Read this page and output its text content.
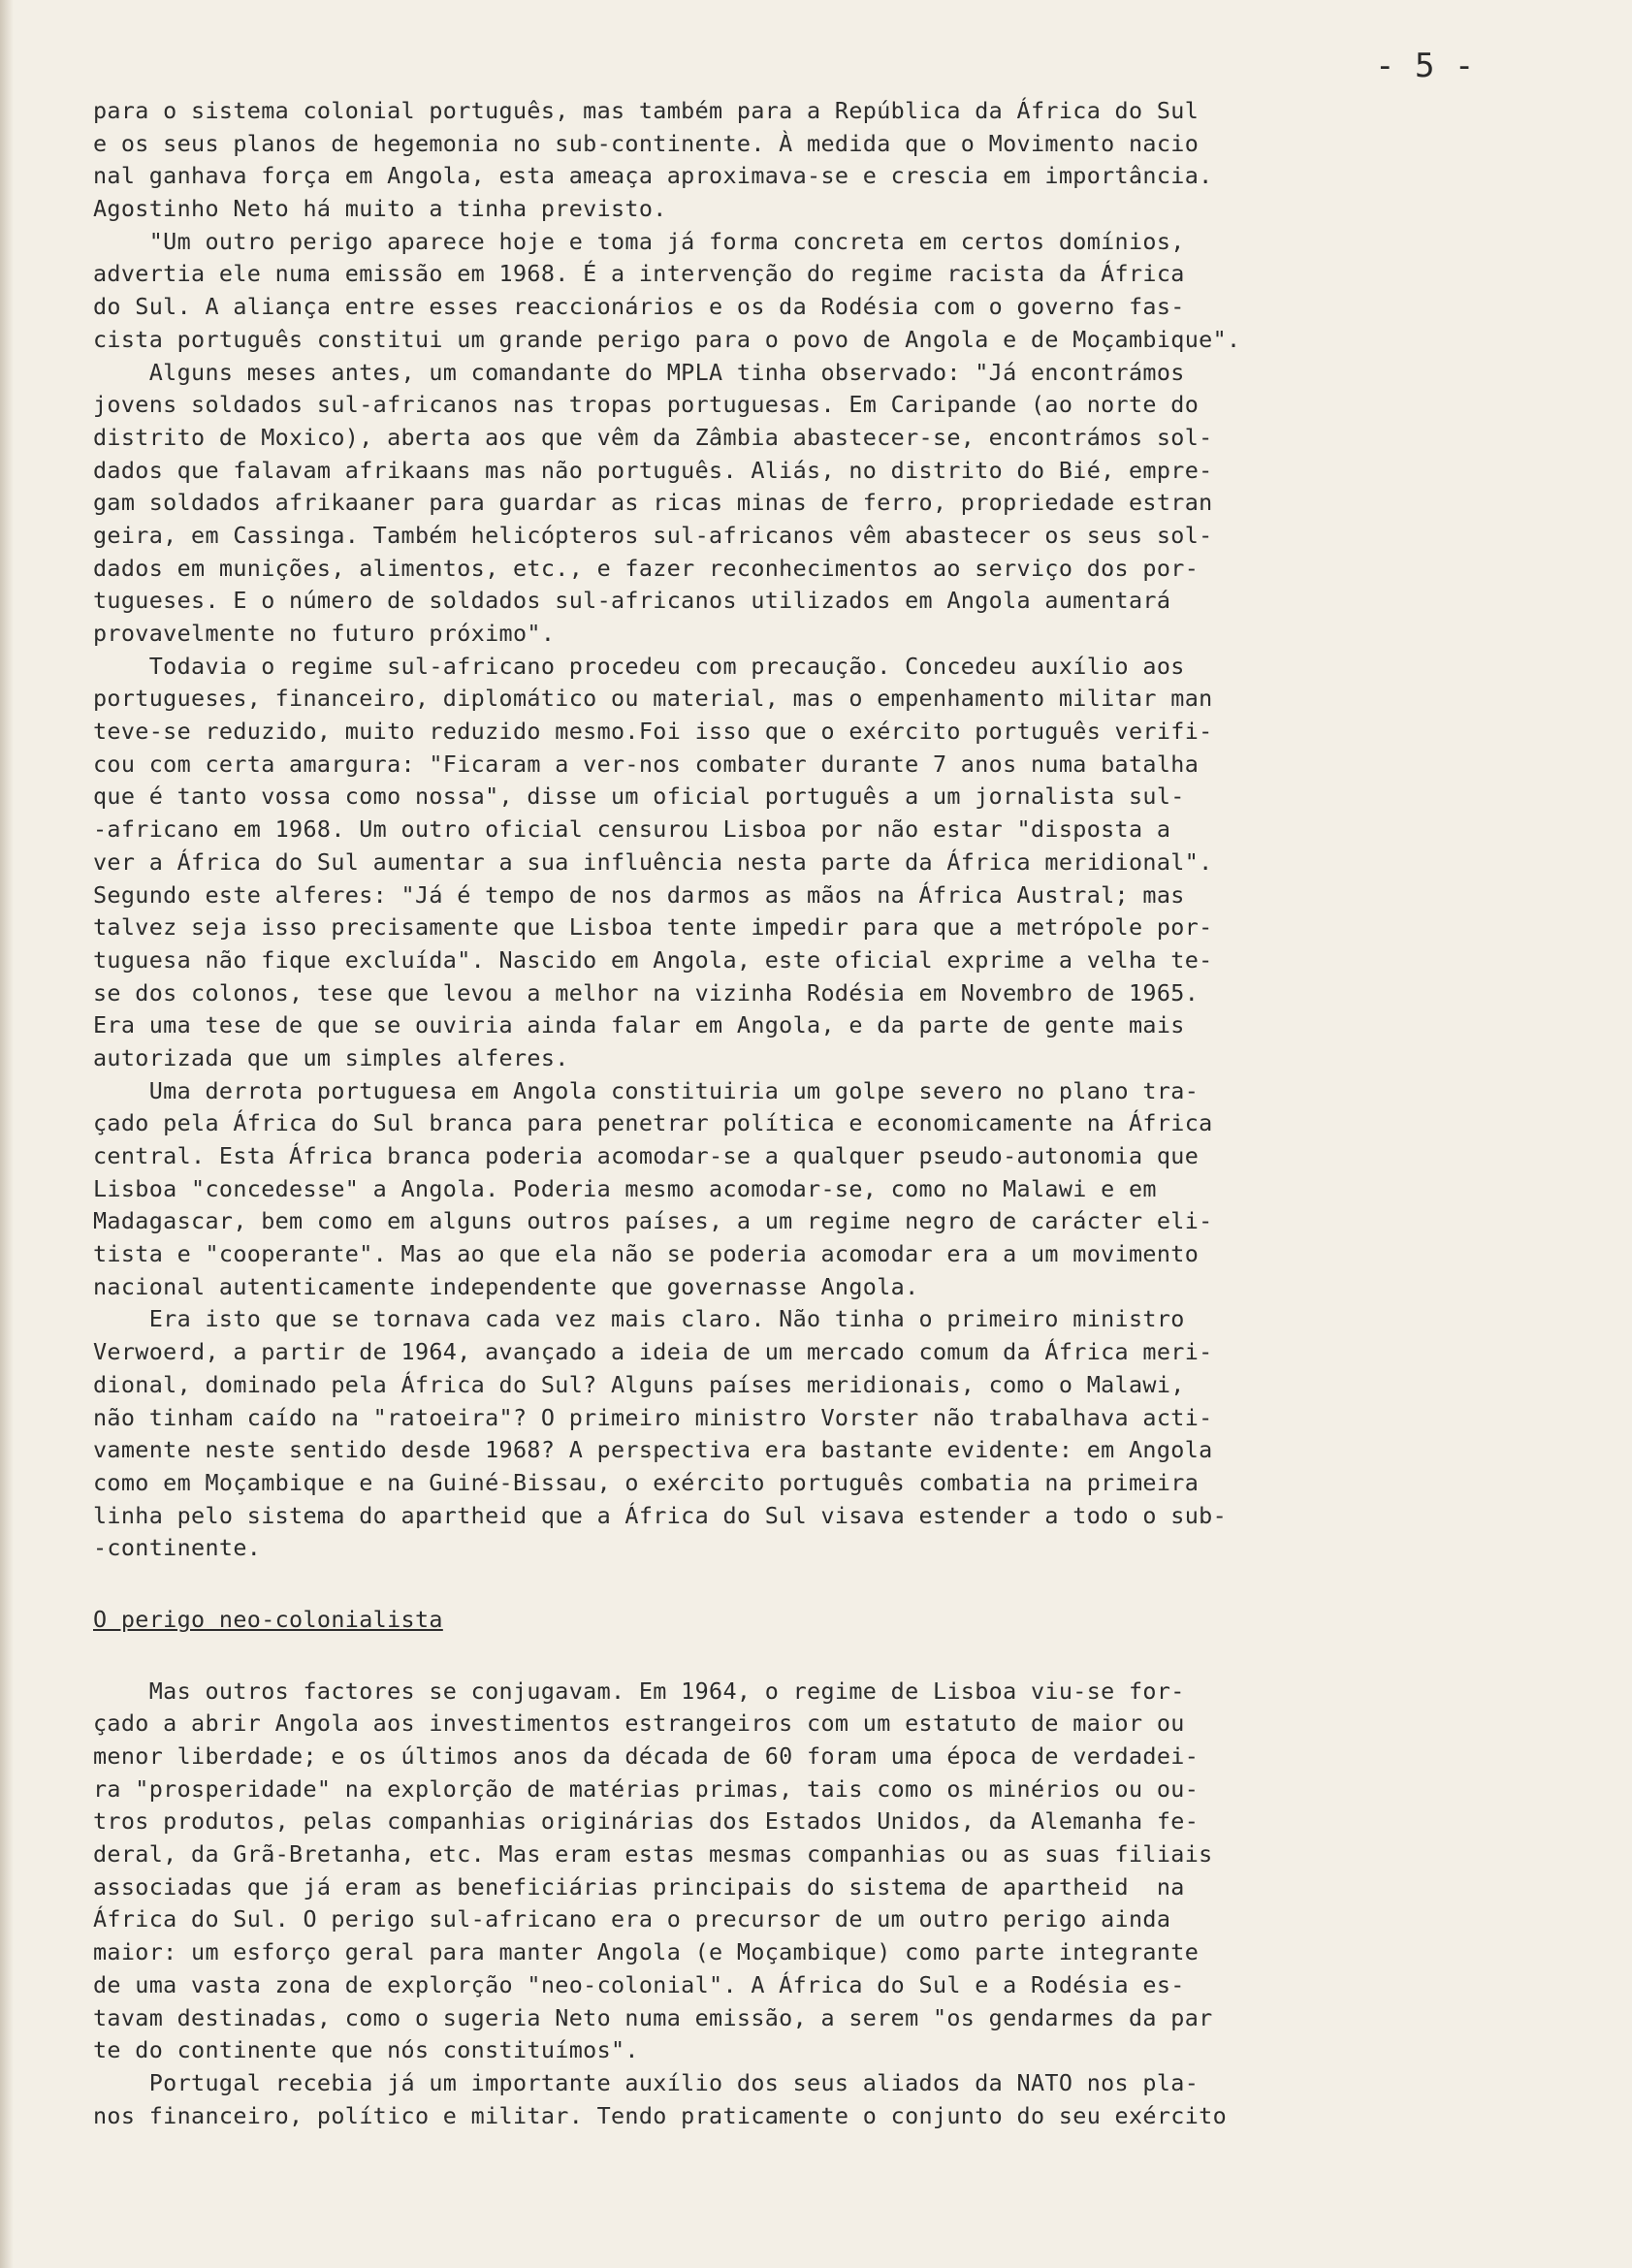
- 5 -
para o sistema colonial português, mas também para a República da África do Sul
e os seus planos de hegemonia no sub-continente. À medida que o Movimento nacio
nal ganhava força em Angola, esta ameaça aproximava-se e crescia em importância.
Agostinho Neto há muito a tinha previsto.
"Um outro perigo aparece hoje e toma já forma concreta em certos domínios,
advertia ele numa emissão em 1968. É a intervenção do regime racista da África
do Sul. A aliança entre esses reaccionários e os da Rodésia com o governo fas-
cista português constitui um grande perigo para o povo de Angola e de Moçambique".
Alguns meses antes, um comandante do MPLA tinha observado: "Já encontrámos
jovens soldados sul-africanos nas tropas portuguesas. Em Caripande (ao norte do
distrito de Moxico), aberta aos que vêm da Zâmbia abastecer-se, encontrámos sol-
dados que falavam afrikaans mas não português. Aliás, no distrito do Bié, empre-
gam soldados afrikaaner para guardar as ricas minas de ferro, propriedade estran
geira, em Cassinga. Também helicópteros sul-africanos vêm abastecer os seus sol-
dados em munições, alimentos, etc., e fazer reconhecimentos ao serviço dos por-
tugueses. E o número de soldados sul-africanos utilizados em Angola aumentará
provavelmente no futuro próximo".
Todavia o regime sul-africano procedeu com precaução. Concedeu auxílio aos
portugueses, financeiro, diplomático ou material, mas o empenhamento militar man
teve-se reduzido, muito reduzido mesmo.Foi isso que o exército português verifi-
cou com certa amargura: "Ficaram a ver-nos combater durante 7 anos numa batalha
que é tanto vossa como nossa", disse um oficial português a um jornalista sul-
-africano em 1968. Um outro oficial censurou Lisboa por não estar "disposta a
ver a África do Sul aumentar a sua influência nesta parte da África meridional".
Segundo este alferes: "Já é tempo de nos darmos as mãos na África Austral; mas
talvez seja isso precisamente que Lisboa tente impedir para que a metrópole por-
tuguesa não fique excluída". Nascido em Angola, este oficial exprime a velha te-
se dos colonos, tese que levou a melhor na vizinha Rodésia em Novembro de 1965.
Era uma tese de que se ouviria ainda falar em Angola, e da parte de gente mais
autorizada que um simples alferes.
Uma derrota portuguesa em Angola constituiria um golpe severo no plano tra-
çado pela África do Sul branca para penetrar política e economicamente na África
central. Esta África branca poderia acomodar-se a qualquer pseudo-autonomia que
Lisboa "concedesse" a Angola. Poderia mesmo acomodar-se, como no Malawi e em
Madagascar, bem como em alguns outros países, a um regime negro de carácter eli-
tista e "cooperante". Mas ao que ela não se poderia acomodar era a um movimento
nacional autenticamente independente que governasse Angola.
Era isto que se tornava cada vez mais claro. Não tinha o primeiro ministro
Verwoerd, a partir de 1964, avançado a ideia de um mercado comum da África meri-
dional, dominado pela África do Sul? Alguns países meridionais, como o Malawi,
não tinham caído na "ratoeira"? O primeiro ministro Vorster não trabalhava acti-
vamente neste sentido desde 1968? A perspectiva era bastante evidente: em Angola
como em Moçambique e na Guiné-Bissau, o exército português combatia na primeira
linha pelo sistema do apartheid que a África do Sul visava estender a todo o sub-
-continente.
O perigo neo-colonialista
Mas outros factores se conjugavam. Em 1964, o regime de Lisboa viu-se for-
çado a abrir Angola aos investimentos estrangeiros com um estatuto de maior ou
menor liberdade; e os últimos anos da década de 60 foram uma época de verdadei-
ra "prosperidade" na explorção de matérias primas, tais como os minérios ou ou-
tros produtos, pelas companhias originárias dos Estados Unidos, da Alemanha fe-
deral, da Grã-Bretanha, etc. Mas eram estas mesmas companhias ou as suas filiais
associadas que já eram as beneficiárias principais do sistema de apartheid  na
África do Sul. O perigo sul-africano era o precursor de um outro perigo ainda
maior: um esforço geral para manter Angola (e Moçambique) como parte integrante
de uma vasta zona de explorção "neo-colonial". A África do Sul e a Rodésia es-
tavam destinadas, como o sugeria Neto numa emissão, a serem "os gendarmes da par
te do continente que nós constituímos".
Portugal recebia já um importante auxílio dos seus aliados da NATO nos pla-
nos financeiro, político e militar. Tendo praticamente o conjunto do seu exército
